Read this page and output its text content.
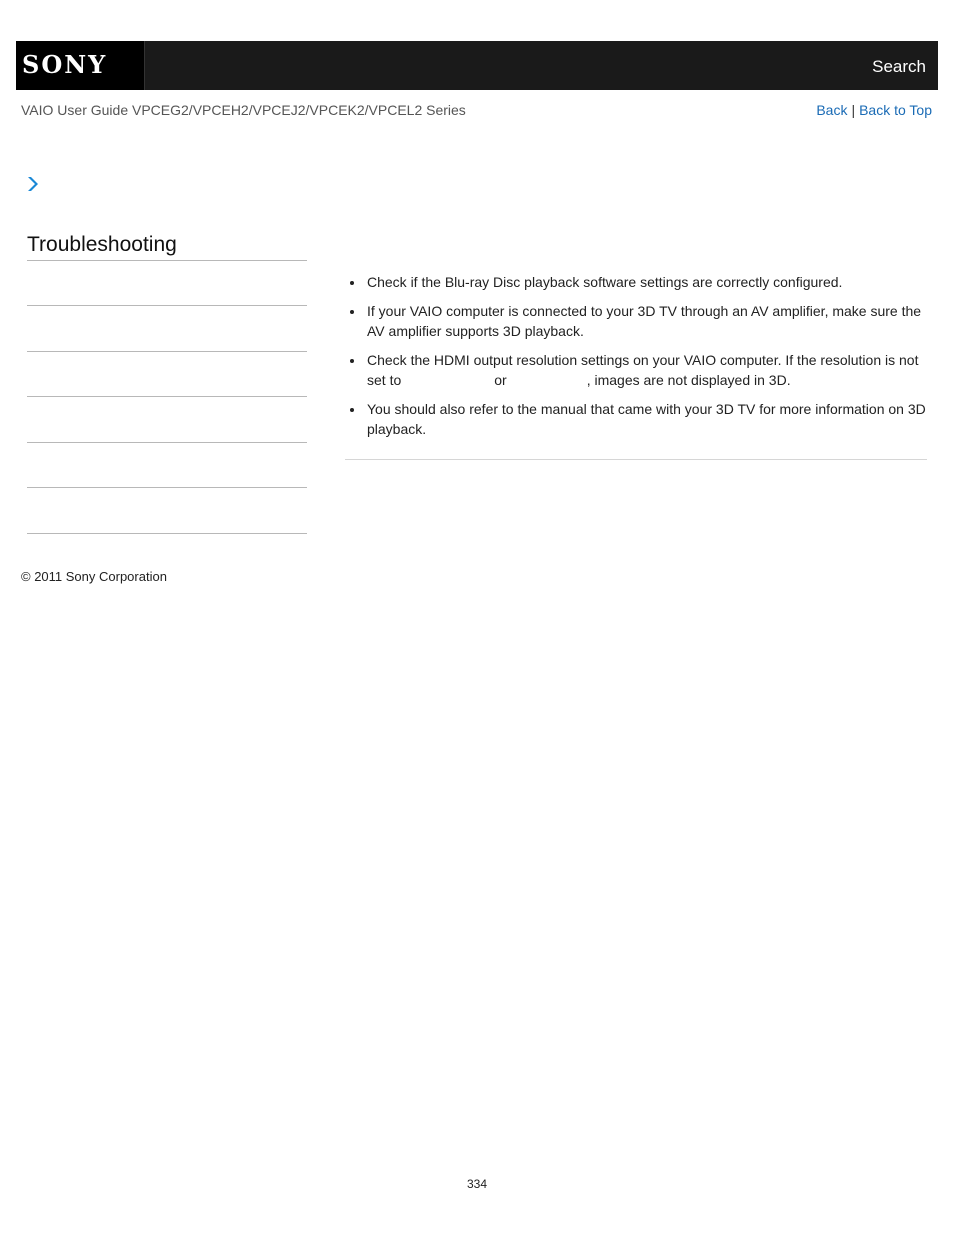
SONY	Search
VAIO User Guide VPCEG2/VPCEH2/VPCEJ2/VPCEK2/VPCEL2 Series	Back | Back to Top
Troubleshooting
Check if the Blu-ray Disc playback software settings are correctly configured.
If your VAIO computer is connected to your 3D TV through an AV amplifier, make sure the AV amplifier supports 3D playback.
Check the HDMI output resolution settings on your VAIO computer. If the resolution is not set to	or	, images are not displayed in 3D.
You should also refer to the manual that came with your 3D TV for more information on 3D playback.
© 2011 Sony Corporation
334
